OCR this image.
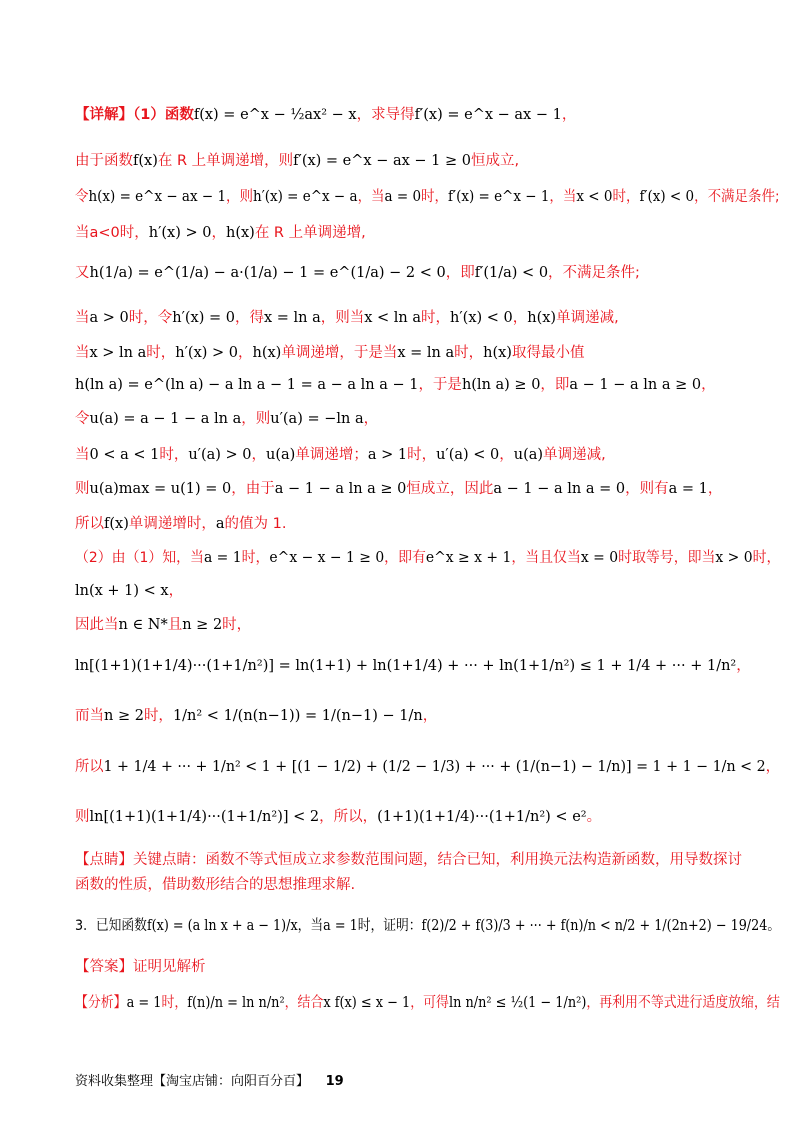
【详解】（1）函数f(x) = e^x − ½ax² − x，求导得f′(x) = e^x − ax − 1，
由于函数f(x)在 R 上单调递增，则f′(x) = e^x − ax − 1 ≥ 0恒成立,
令h(x) = e^x − ax − 1，则h′(x) = e^x − a，当a = 0时，f′(x) = e^x − 1，当x < 0时，f′(x) < 0，不满足条件;
当a<0时，h′(x) > 0，h(x)在 R 上单调递增,
又h(1/a) = e^(1/a) − a·(1/a) − 1 = e^(1/a) − 2 < 0，即f′(1/a) < 0，不满足条件;
当a > 0时，令h′(x) = 0，得x = ln a，则当x < ln a时，h′(x) < 0，h(x)单调递减,
当x > ln a时，h′(x) > 0，h(x)单调递增，于是当x = ln a时，h(x)取得最小值
h(ln a) = e^(ln a) − a ln a − 1 = a − a ln a − 1，于是h(ln a) ≥ 0，即a − 1 − a ln a ≥ 0，
令u(a) = a − 1 − a ln a，则u′(a) = −ln a，
当0 < a < 1时，u′(a) > 0，u(a)单调递增；a > 1时，u′(a) < 0，u(a)单调递减,
则u(a)max = u(1) = 0，由于a − 1 − a ln a ≥ 0恒成立，因此a − 1 − a ln a = 0，则有a = 1，
所以f(x)单调递增时，a的值为 1.
（2）由（1）知，当a = 1时，e^x − x − 1 ≥ 0，即有e^x ≥ x + 1，当且仅当x = 0时取等号，即当x > 0时，
ln(x + 1) < x，
因此当n ∈ N*且n ≥ 2时，
ln[(1+1)(1+1/4)···(1+1/n²)] = ln(1+1) + ln(1+1/4) + ··· + ln(1+1/n²) ≤ 1 + 1/4 + ··· + 1/n²，
而当n ≥ 2时，1/n² < 1/(n(n−1)) = 1/(n−1) − 1/n，
所以1 + 1/4 + ··· + 1/n² < 1 + [(1 − 1/2) + (1/2 − 1/3) + ··· + (1/(n−1) − 1/n)] = 1 + 1 − 1/n < 2，
则ln[(1+1)(1+1/4)···(1+1/n²)] < 2，所以，(1+1)(1+1/4)···(1+1/n²) < e²。
【点睛】关键点睛：函数不等式恒成立求参数范围问题，结合已知，利用换元法构造新函数，用导数探讨
函数的性质，借助数形结合的思想推理求解.
3．已知函数f(x) = (a ln x + a − 1)/x，当a = 1时，证明：f(2)/2 + f(3)/3 + ··· + f(n)/n < n/2 + 1/(2n+2) − 19/24。
【答案】证明见解析
【分析】a = 1时，f(n)/n = ln n/n²，结合x f(x) ≤ x − 1，可得ln n/n² ≤ ½(1 − 1/n²)，再利用不等式进行适度放缩，结
资料收集整理【淘宝店铺：向阳百分百】 19
